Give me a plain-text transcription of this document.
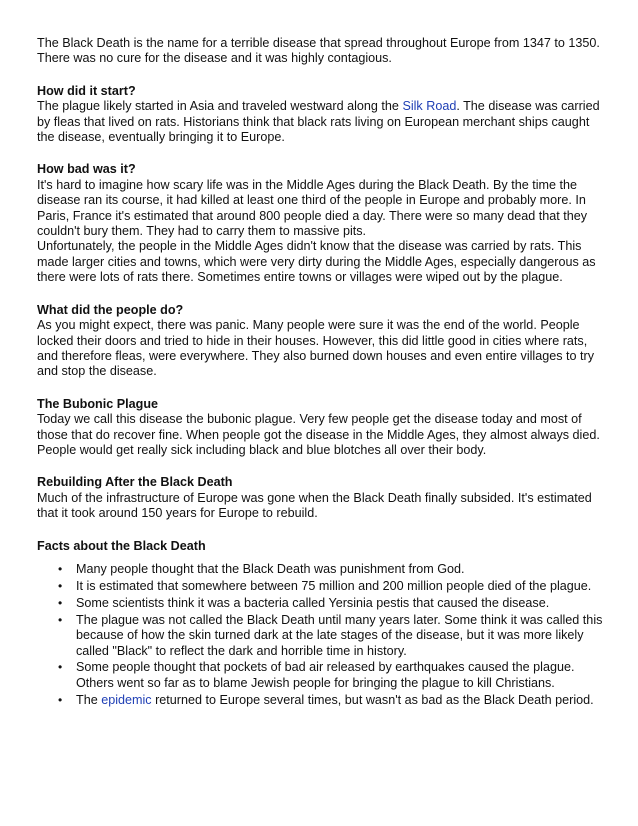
The Black Death is the name for a terrible disease that spread throughout Europe from 1347 to 1350. There was no cure for the disease and it was highly contagious.

How did it start?

The plague likely started in Asia and traveled westward along the Silk Road. The disease was carried by fleas that lived on rats. Historians think that black rats living on European merchant ships caught the disease, eventually bringing it to Europe.

How bad was it?

It's hard to imagine how scary life was in the Middle Ages during the Black Death. By the time the disease ran its course, it had killed at least one third of the people in Europe and probably more. In Paris, France it's estimated that around 800 people died a day. There were so many dead that they couldn't bury them. They had to carry them to massive pits.

Unfortunately, the people in the Middle Ages didn't know that the disease was carried by rats. This made larger cities and towns, which were very dirty during the Middle Ages, especially dangerous as there were lots of rats there. Sometimes entire towns or villages were wiped out by the plague.

What did the people do?

As you might expect, there was panic. Many people were sure it was the end of the world. People locked their doors and tried to hide in their houses. However, this did little good in cities where rats, and therefore fleas, were everywhere. They also burned down houses and even entire villages to try and stop the disease.

The Bubonic Plague

Today we call this disease the bubonic plague. Very few people get the disease today and most of those that do recover fine. When people got the disease in the Middle Ages, they almost always died. People would get really sick including black and blue blotches all over their body.

Rebuilding After the Black Death

Much of the infrastructure of Europe was gone when the Black Death finally subsided. It's estimated that it took around 150 years for Europe to rebuild.

Facts about the Black Death

• Many people thought that the Black Death was punishment from God.
• It is estimated that somewhere between 75 million and 200 million people died of the plague.
• Some scientists think it was a bacteria called Yersinia pestis that caused the disease.
• The plague was not called the Black Death until many years later. Some think it was called this because of how the skin turned dark at the late stages of the disease, but it was more likely called "Black" to reflect the dark and horrible time in history.
• Some people thought that pockets of bad air released by earthquakes caused the plague. Others went so far as to blame Jewish people for bringing the plague to kill Christians.
• The epidemic returned to Europe several times, but wasn't as bad as the Black Death period.
